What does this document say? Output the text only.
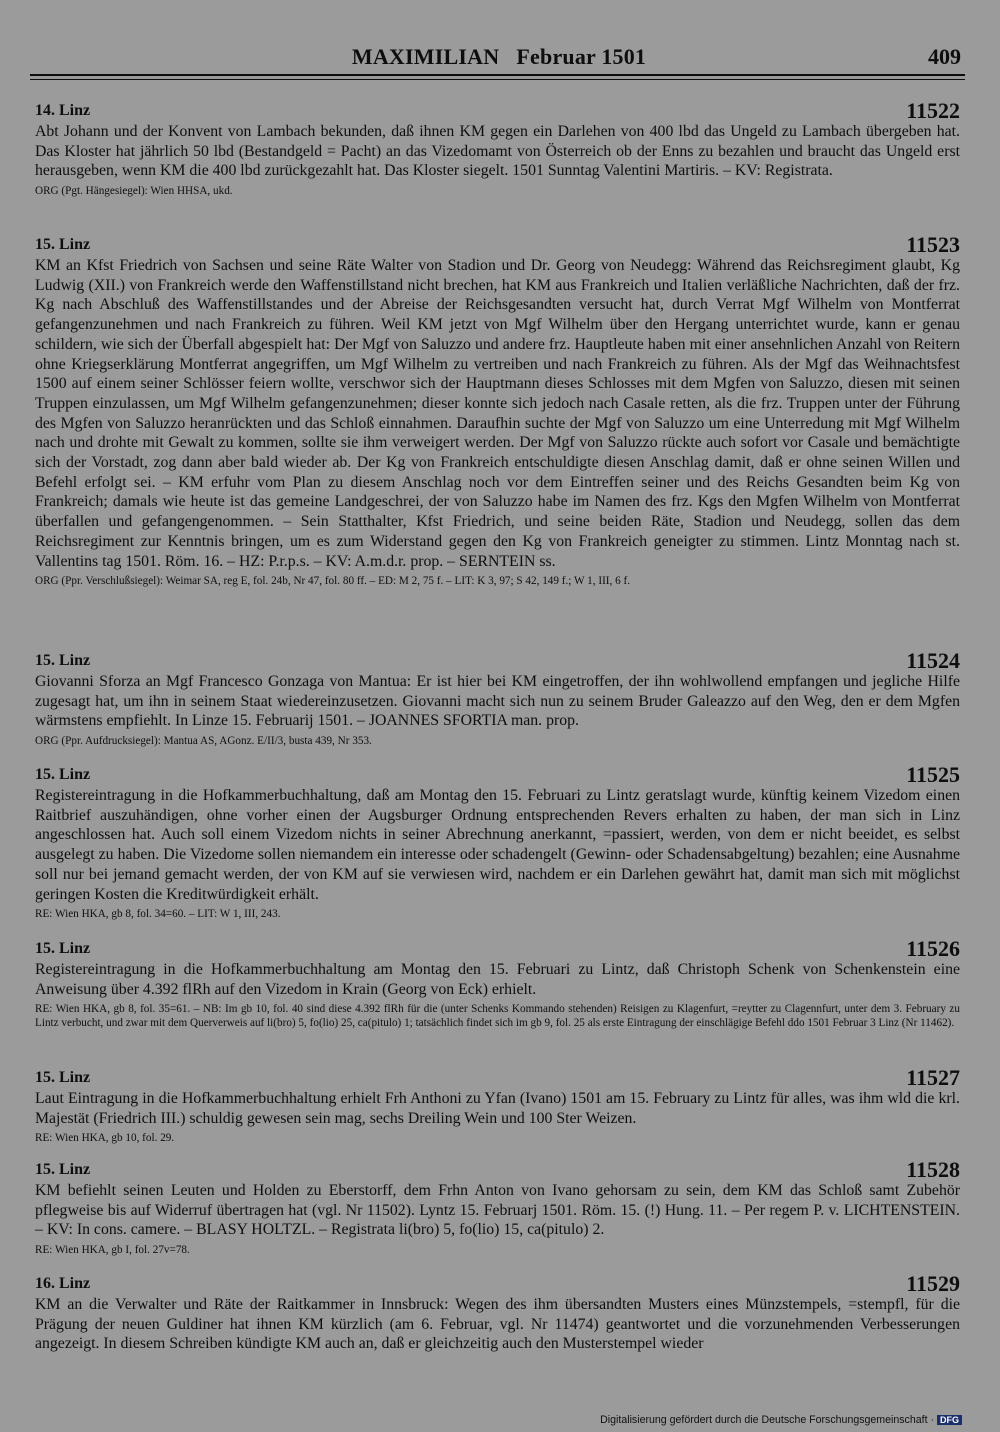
MAXIMILIAN   Februar 1501	409
14. Linz	11522

Abt Johann und der Konvent von Lambach bekunden, daß ihnen KM gegen ein Darlehen von 400 lbd das Ungeld zu Lambach übergeben hat. Das Kloster hat jährlich 50 lbd (Bestandgeld = Pacht) an das Vizedomamt von Österreich ob der Enns zu bezahlen und braucht das Ungeld erst herausgeben, wenn KM die 400 lbd zurückgezahlt hat. Das Kloster siegelt. 1501 Sunntag Valentini Martiris. – KV: Registrata.

ORG (Pgt. Hängesiegel): Wien HHSA, ukd.

15. Linz	11523

KM an Kfst Friedrich von Sachsen und seine Räte Walter von Stadion und Dr. Georg von Neudegg: Während das Reichsregiment glaubt, Kg Ludwig (XII.) von Frankreich werde den Waffenstillstand nicht brechen, hat KM aus Frankreich und Italien verläßliche Nachrichten, daß der frz. Kg nach Abschluß des Waffenstillstandes und der Abreise der Reichsgesandten versucht hat, durch Verrat Mgf Wilhelm von Montferrat gefangenzunehmen und nach Frankreich zu führen. Weil KM jetzt von Mgf Wilhelm über den Hergang unterrichtet wurde, kann er genau schildern, wie sich der Überfall abgespielt hat: Der Mgf von Saluzzo und andere frz. Hauptleute haben mit einer ansehnlichen Anzahl von Reitern ohne Kriegserklärung Montferrat angegriffen, um Mgf Wilhelm zu vertreiben und nach Frankreich zu führen. Als der Mgf das Weihnachtsfest 1500 auf einem seiner Schlösser feiern wollte, verschwor sich der Hauptmann dieses Schlosses mit dem Mgfen von Saluzzo, diesen mit seinen Truppen einzulassen, um Mgf Wilhelm gefangenzunehmen; dieser konnte sich jedoch nach Casale retten, als die frz. Truppen unter der Führung des Mgfen von Saluzzo heranrückten und das Schloß einnahmen. Daraufhin suchte der Mgf von Saluzzo um eine Unterredung mit Mgf Wilhelm nach und drohte mit Gewalt zu kommen, sollte sie ihm verweigert werden. Der Mgf von Saluzzo rückte auch sofort vor Casale und bemächtigte sich der Vorstadt, zog dann aber bald wieder ab. Der Kg von Frankreich entschuldigte diesen Anschlag damit, daß er ohne seinen Willen und Befehl erfolgt sei. – KM erfuhr vom Plan zu diesem Anschlag noch vor dem Eintreffen seiner und des Reichs Gesandten beim Kg von Frankreich; damals wie heute ist das gemeine Landgeschrei, der von Saluzzo habe im Namen des frz. Kgs den Mgfen Wilhelm von Montferrat überfallen und gefangengenommen. – Sein Statthalter, Kfst Friedrich, und seine beiden Räte, Stadion und Neudegg, sollen das dem Reichsregiment zur Kenntnis bringen, um es zum Widerstand gegen den Kg von Frankreich geneigter zu stimmen. Lintz Monntag nach st. Vallentins tag 1501. Röm. 16. – HZ: P.r.p.s. – KV: A.m.d.r. prop. – SERNTEIN ss.

ORG (Ppr. Verschlußsiegel): Weimar SA, reg E, fol. 24b, Nr 47, fol. 80 ff. – ED: M 2, 75 f. – LIT: K 3, 97; S 42, 149 f.; W 1, III, 6 f.

15. Linz	11524

Giovanni Sforza an Mgf Francesco Gonzaga von Mantua: Er ist hier bei KM eingetroffen, der ihn wohlwollend empfangen und jegliche Hilfe zugesagt hat, um ihn in seinem Staat wiedereinzusetzen. Giovanni macht sich nun zu seinem Bruder Galeazzo auf den Weg, den er dem Mgfen wärmstens empfiehlt. In Linze 15. Februarij 1501. – JOANNES SFORTIA man. prop.

ORG (Ppr. Aufdrucksiegel): Mantua AS, AGonz. E/II/3, busta 439, Nr 353.

15. Linz	11525

Registereintragung in die Hofkammerbuchhaltung, daß am Montag den 15. Februari zu Lintz geratslagt wurde, künftig keinem Vizedom einen Raitbrief auszuhändigen, ohne vorher einen der Augsburger Ordnung entsprechenden Revers erhalten zu haben, der man sich in Linz angeschlossen hat. Auch soll einem Vizedom nichts in seiner Abrechnung anerkannt, =passiert, werden, von dem er nicht beeidet, es selbst ausgelegt zu haben. Die Vizedome sollen niemandem ein interesse oder schadengelt (Gewinn- oder Schadensabgeltung) bezahlen; eine Ausnahme soll nur bei jemand gemacht werden, der von KM auf sie verwiesen wird, nachdem er ein Darlehen gewährt hat, damit man sich mit möglichst geringen Kosten die Kreditwürdigkeit erhält.

RE: Wien HKA, gb 8, fol. 34=60. – LIT: W 1, III, 243.

15. Linz	11526

Registereintragung in die Hofkammerbuchhaltung am Montag den 15. Februari zu Lintz, daß Christoph Schenk von Schenkenstein eine Anweisung über 4.392 flRh auf den Vizedom in Krain (Georg von Eck) erhielt.

RE: Wien HKA, gb 8, fol. 35=61. – NB: Im gb 10, fol. 40 sind diese 4.392 flRh für die (unter Schenks Kommando stehenden) Reisigen zu Klagenfurt, =reytter zu Clagennfurt, unter dem 3. February zu Lintz verbucht, und zwar mit dem Querverweis auf li(bro) 5, fo(lio) 25, ca(pitulo) 1; tatsächlich findet sich im gb 9, fol. 25 als erste Eintragung der einschlägige Befehl ddo 1501 Februar 3 Linz (Nr 11462).

15. Linz	11527

Laut Eintragung in die Hofkammerbuchhaltung erhielt Frh Anthoni zu Yfan (Ivano) 1501 am 15. February zu Lintz für alles, was ihm wld die krl. Majestät (Friedrich III.) schuldig gewesen sein mag, sechs Dreiling Wein und 100 Ster Weizen.

RE: Wien HKA, gb 10, fol. 29.

15. Linz	11528

KM befiehlt seinen Leuten und Holden zu Eberstorff, dem Frhn Anton von Ivano gehorsam zu sein, dem KM das Schloß samt Zubehör pflegweise bis auf Widerruf übertragen hat (vgl. Nr 11502). Lyntz 15. Februarj 1501. Röm. 15. (!) Hung. 11. – Per regem P. v. LICHTENSTEIN. – KV: In cons. camere. – BLASY HOLTZL. – Registrata li(bro) 5, fo(lio) 15, ca(pitulo) 2.

RE: Wien HKA, gb I, fol. 27v=78.

16. Linz	11529

KM an die Verwalter und Räte der Raitkammer in Innsbruck: Wegen des ihm übersandten Musters eines Münzstempels, =stempfl, für die Prägung der neuen Guldiner hat ihnen KM kürzlich (am 6. Februar, vgl. Nr 11474) geantwortet und die vorzunehmenden Verbesserungen angezeigt. In diesem Schreiben kündigte KM auch an, daß er gleichzeitig auch den Musterstempel wieder

Digitalisierung gefördert durch die Deutsche Forschungsgemeinschaft · DFG
